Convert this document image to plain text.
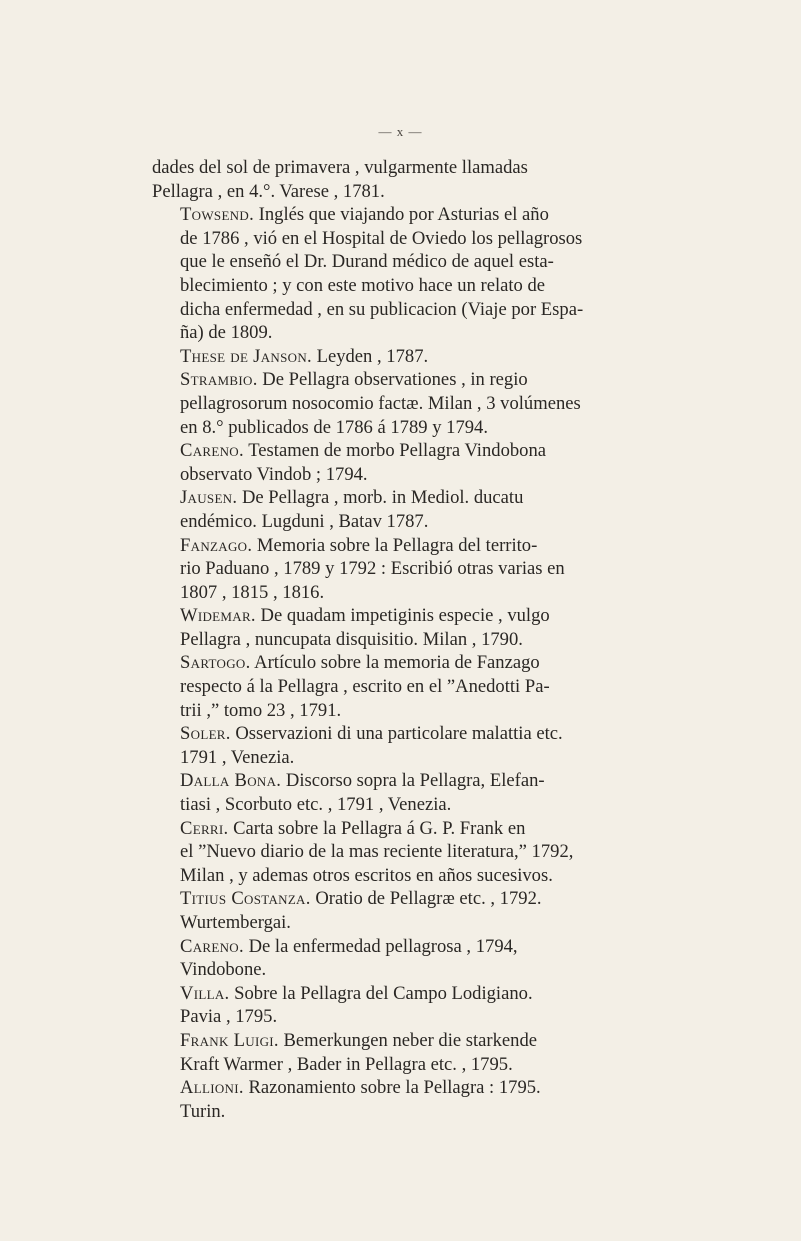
— x —

dades del sol de primavera , vulgarmente llamadas
Pellagra , en 4.°. Varese , 1781.

Towsend. Inglés que viajando por Asturias el año
de 1786 , vió en el Hospital de Oviedo los pellagrosos
que le enseñó el Dr. Durand médico de aquel esta-
blecimiento ; y con este motivo hace un relato de
dicha enfermedad , en su publicacion (Viaje por Espa-
ña) de 1809.

These de Janson. Leyden , 1787.

Strambio. De Pellagra observationes , in regio
pellagrosorum nosocomio factæ. Milan , 3 volúmenes
en 8.° publicados de 1786 á 1789 y 1794.

Careno. Testamen de morbo Pellagra Vindobona
observato Vindob ; 1794.

Jausen. De Pellagra , morb. in Mediol. ducatu
endémico. Lugduni , Batav 1787.

Fanzago. Memoria sobre la Pellagra del territo-
rio Paduano , 1789 y 1792 : Escribió otras varias en
1807 , 1815 , 1816.

Widemar. De quadam impetiginis especie , vulgo
Pellagra , nuncupata disquisitio. Milan , 1790.

Sartogo. Artículo sobre la memoria de Fanzago
respecto á la Pellagra , escrito en el ”Anedotti Pa-
trii ,” tomo 23 , 1791.

Soler. Osservazioni di una particolare malattia etc.
1791 , Venezia.

Dalla Bona. Discorso sopra la Pellagra, Elefan-
tiasi , Scorbuto etc. , 1791 , Venezia.

Cerri. Carta sobre la Pellagra á G. P. Frank en
el ”Nuevo diario de la mas reciente literatura,” 1792,
Milan , y ademas otros escritos en años sucesivos.

Titius Costanza. Oratio de Pellagræ etc. , 1792.
Wurtembergai.

Careno. De la enfermedad pellagrosa , 1794,
Vindobone.

Villa. Sobre la Pellagra del Campo Lodigiano.
Pavia , 1795.

Frank Luigi. Bemerkungen neber die starkende
Kraft Warmer , Bader in Pellagra etc. , 1795.

Allioni. Razonamiento sobre la Pellagra : 1795.
Turin.
